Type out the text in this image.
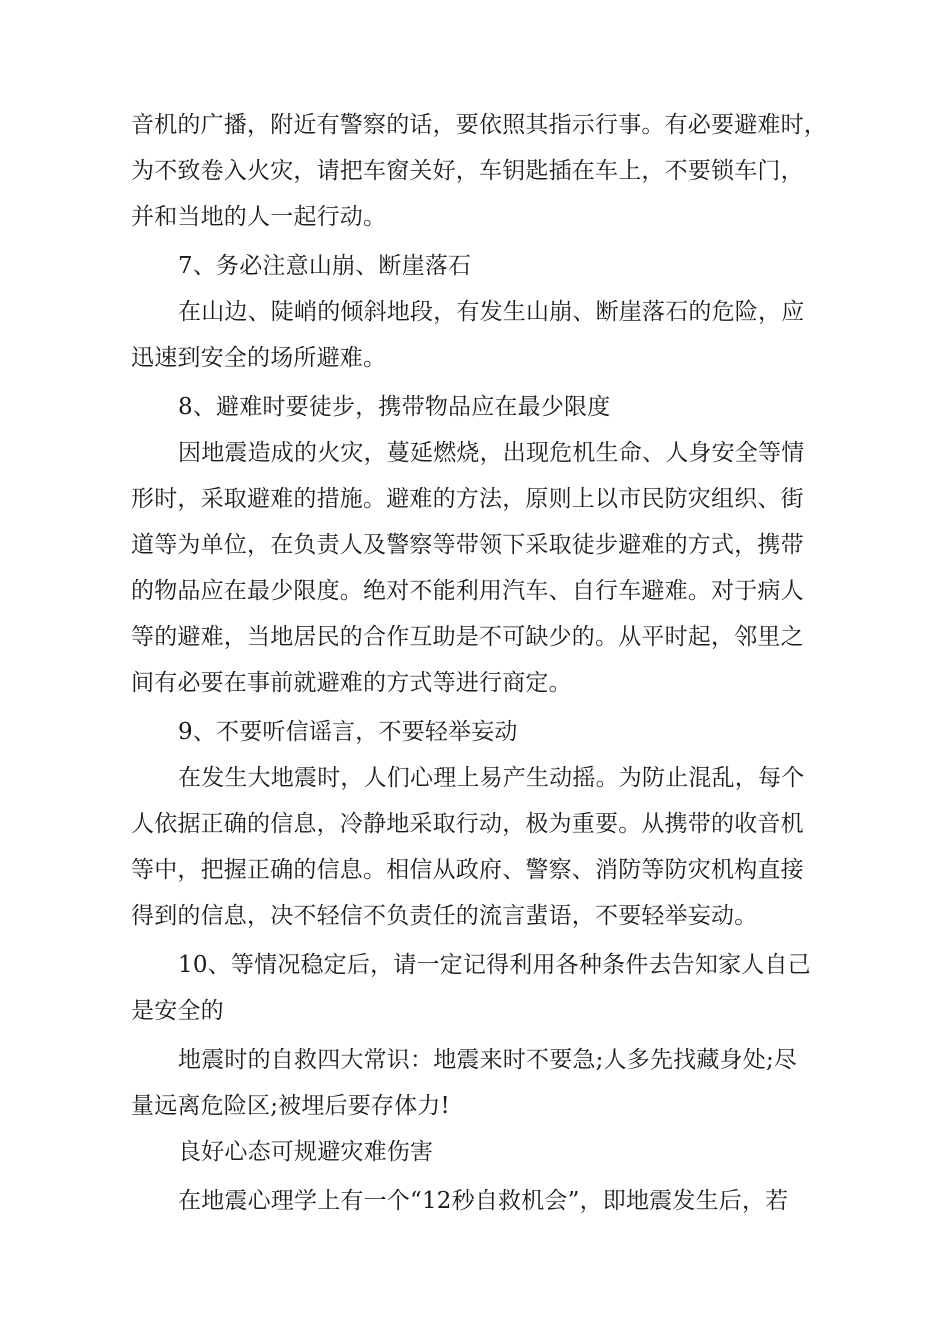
音机的广播，附近有警察的话，要依照其指示行事。有必要避难时，
为不致卷入火灾，请把车窗关好，车钥匙插在车上，不要锁车门，
并和当地的人一起行动。
7、务必注意山崩、断崖落石
在山边、陡峭的倾斜地段，有发生山崩、断崖落石的危险，应
迅速到安全的场所避难。
8、避难时要徒步，携带物品应在最少限度
因地震造成的火灾，蔓延燃烧，出现危机生命、人身安全等情
形时，采取避难的措施。避难的方法，原则上以市民防灾组织、街
道等为单位，在负责人及警察等带领下采取徒步避难的方式，携带
的物品应在最少限度。绝对不能利用汽车、自行车避难。对于病人
等的避难，当地居民的合作互助是不可缺少的。从平时起，邻里之
间有必要在事前就避难的方式等进行商定。
9、不要听信谣言，不要轻举妄动
在发生大地震时，人们心理上易产生动摇。为防止混乱，每个
人依据正确的信息，冷静地采取行动，极为重要。从携带的收音机
等中，把握正确的信息。相信从政府、警察、消防等防灾机构直接
得到的信息，决不轻信不负责任的流言蜚语，不要轻举妄动。
10、等情况稳定后，请一定记得利用各种条件去告知家人自己
是安全的
地震时的自救四大常识：地震来时不要急;人多先找藏身处;尽
量远离危险区;被埋后要存体力!
良好心态可规避灾难伤害
在地震心理学上有一个“12秒自救机会”，即地震发生后，若
